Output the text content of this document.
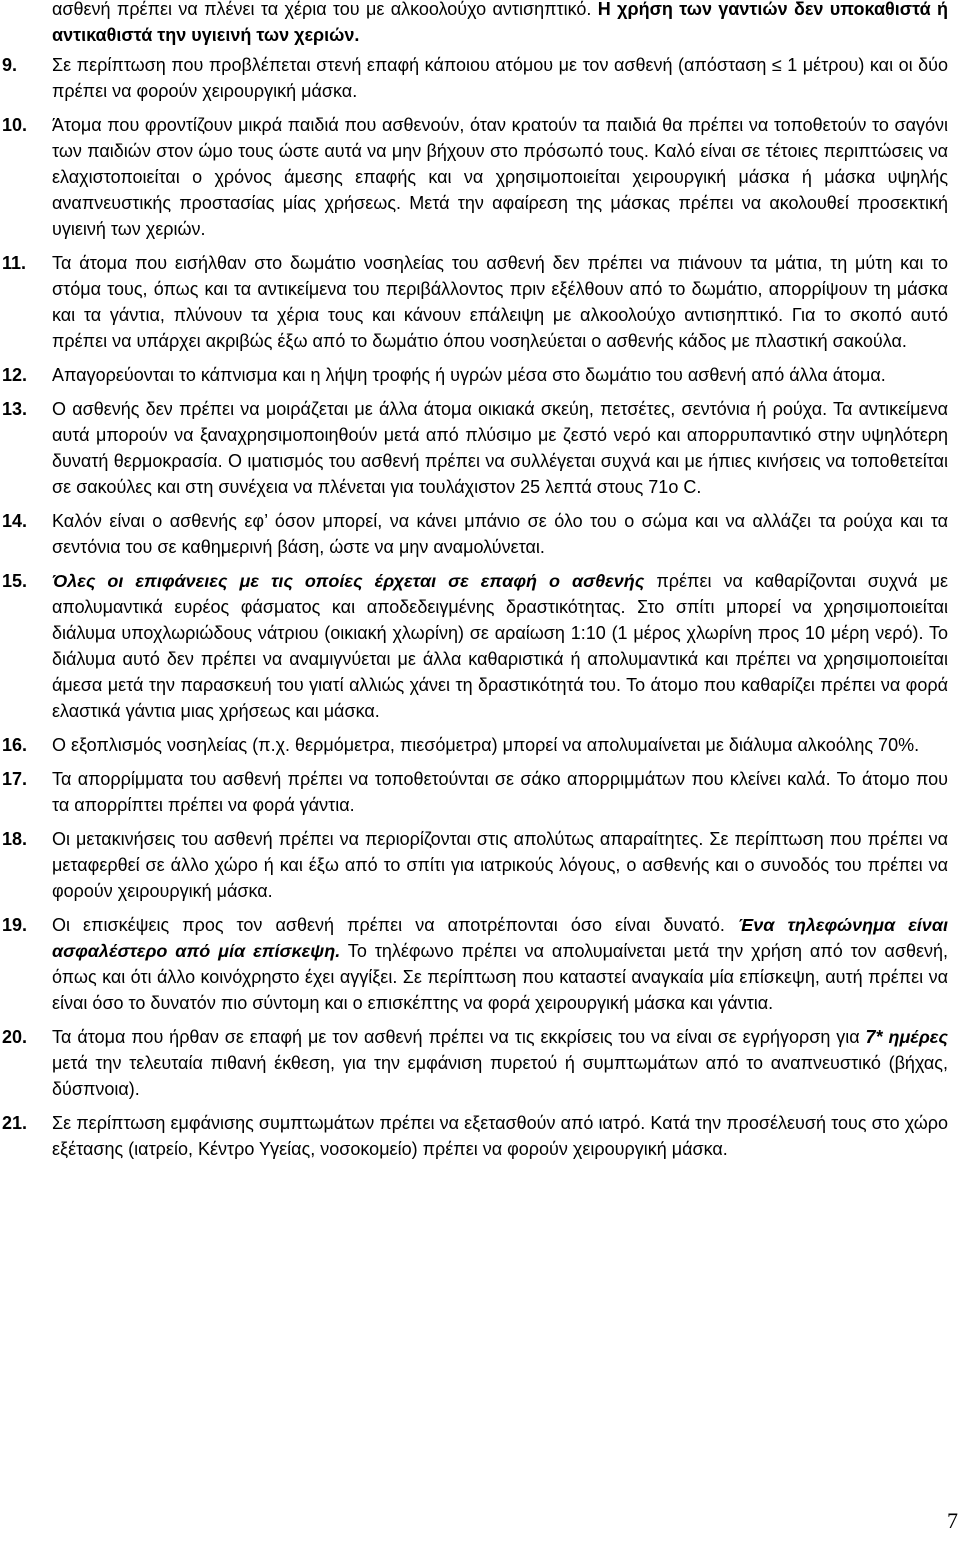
ασθενή πρέπει να πλένει τα χέρια του με αλκοολούχο αντισηπτικό. Η χρήση των γαντιών δεν υποκαθιστά ή αντικαθιστά την υγιεινή των χεριών.
9. Σε περίπτωση που προβλέπεται στενή επαφή κάποιου ατόμου με τον ασθενή (απόσταση ≤ 1 μέτρου) και οι δύο πρέπει να φορούν χειρουργική μάσκα.
10. Άτομα που φροντίζουν μικρά παιδιά που ασθενούν, όταν κρατούν τα παιδιά θα πρέπει να τοποθετούν το σαγόνι των παιδιών στον ώμο τους ώστε αυτά να μην βήχουν στο πρόσωπό τους. Καλό είναι σε τέτοιες περιπτώσεις να ελαχιστοποιείται ο χρόνος άμεσης επαφής και να χρησιμοποιείται χειρουργική μάσκα ή μάσκα υψηλής αναπνευστικής προστασίας μίας χρήσεως. Μετά την αφαίρεση της μάσκας πρέπει να ακολουθεί προσεκτική υγιεινή των χεριών.
11. Τα άτομα που εισήλθαν στο δωμάτιο νοσηλείας του ασθενή δεν πρέπει να πιάνουν τα μάτια, τη μύτη και το στόμα τους, όπως και τα αντικείμενα του περιβάλλοντος πριν εξέλθουν από το δωμάτιο, απορρίψουν τη μάσκα και τα γάντια, πλύνουν τα χέρια τους και κάνουν επάλειψη με αλκοολούχο αντισηπτικό. Για το σκοπό αυτό πρέπει να υπάρχει ακριβώς έξω από το δωμάτιο όπου νοσηλεύεται ο ασθενής κάδος με πλαστική σακούλα.
12. Απαγορεύονται το κάπνισμα και η λήψη τροφής ή υγρών μέσα στο δωμάτιο του ασθενή από άλλα άτομα.
13. Ο ασθενής δεν πρέπει να μοιράζεται με άλλα άτομα οικιακά σκεύη, πετσέτες, σεντόνια ή ρούχα. Τα αντικείμενα αυτά μπορούν να ξαναχρησιμοποιηθούν μετά από πλύσιμο με ζεστό νερό και απορρυπαντικό στην υψηλότερη δυνατή θερμοκρασία. Ο ιματισμός του ασθενή πρέπει να συλλέγεται συχνά και με ήπιες κινήσεις να τοποθετείται σε σακούλες και στη συνέχεια να πλένεται για τουλάχιστον 25 λεπτά στους 71ο C.
14. Καλόν είναι ο ασθενής εφ’ όσον μπορεί, να κάνει μπάνιο σε όλο του ο σώμα και να αλλάζει τα ρούχα και τα σεντόνια του σε καθημερινή βάση, ώστε να μην αναμολύνεται.
15. Όλες οι επιφάνειες με τις οποίες έρχεται σε επαφή ο ασθενής πρέπει να καθαρίζονται συχνά με απολυμαντικά ευρέος φάσματος και αποδεδειγμένης δραστικότητας. Στο σπίτι μπορεί να χρησιμοποιείται διάλυμα υποχλωριώδους νάτριου (οικιακή χλωρίνη) σε αραίωση 1:10 (1 μέρος χλωρίνη προς 10 μέρη νερό). Το διάλυμα αυτό δεν πρέπει να αναμιγνύεται με άλλα καθαριστικά ή απολυμαντικά και πρέπει να χρησιμοποιείται άμεσα μετά την παρασκευή του γιατί αλλιώς χάνει τη δραστικότητά του. Το άτομο που καθαρίζει πρέπει να φορά ελαστικά γάντια μιας χρήσεως και μάσκα.
16. Ο εξοπλισμός νοσηλείας (π.χ. θερμόμετρα, πιεσόμετρα) μπορεί να απολυμαίνεται με διάλυμα αλκοόλης 70%.
17. Τα απορρίμματα του ασθενή πρέπει να τοποθετούνται σε σάκο απορριμμάτων που κλείνει καλά. Το άτομο που τα απορρίπτει πρέπει να φορά γάντια.
18. Οι μετακινήσεις του ασθενή πρέπει να περιορίζονται στις απολύτως απαραίτητες. Σε περίπτωση που πρέπει να μεταφερθεί σε άλλο χώρο ή και έξω από το σπίτι για ιατρικούς λόγους, ο ασθενής και ο συνοδός του πρέπει να φορούν χειρουργική μάσκα.
19. Οι επισκέψεις προς τον ασθενή πρέπει να αποτρέπονται όσο είναι δυνατό. Ένα τηλεφώνημα είναι ασφαλέστερο από μία επίσκεψη. Το τηλέφωνο πρέπει να απολυμαίνεται μετά την χρήση από τον ασθενή, όπως και ότι άλλο κοινόχρηστο έχει αγγίξει. Σε περίπτωση που καταστεί αναγκαία μία επίσκεψη, αυτή πρέπει να είναι όσο το δυνατόν πιο σύντομη και ο επισκέπτης να φορά χειρουργική μάσκα και γάντια.
20. Τα άτομα που ήρθαν σε επαφή με τον ασθενή πρέπει να τις εκκρίσεις του να είναι σε εγρήγορση για 7* ημέρες μετά την τελευταία πιθανή έκθεση, για την εμφάνιση πυρετού ή συμπτωμάτων από το αναπνευστικό (βήχας, δύσπνοια).
21. Σε περίπτωση εμφάνισης συμπτωμάτων πρέπει να εξετασθούν από ιατρό. Κατά την προσέλευσή τους στο χώρο εξέτασης (ιατρείο, Κέντρο Υγείας, νοσοκομείο) πρέπει να φορούν χειρουργική μάσκα.
7
